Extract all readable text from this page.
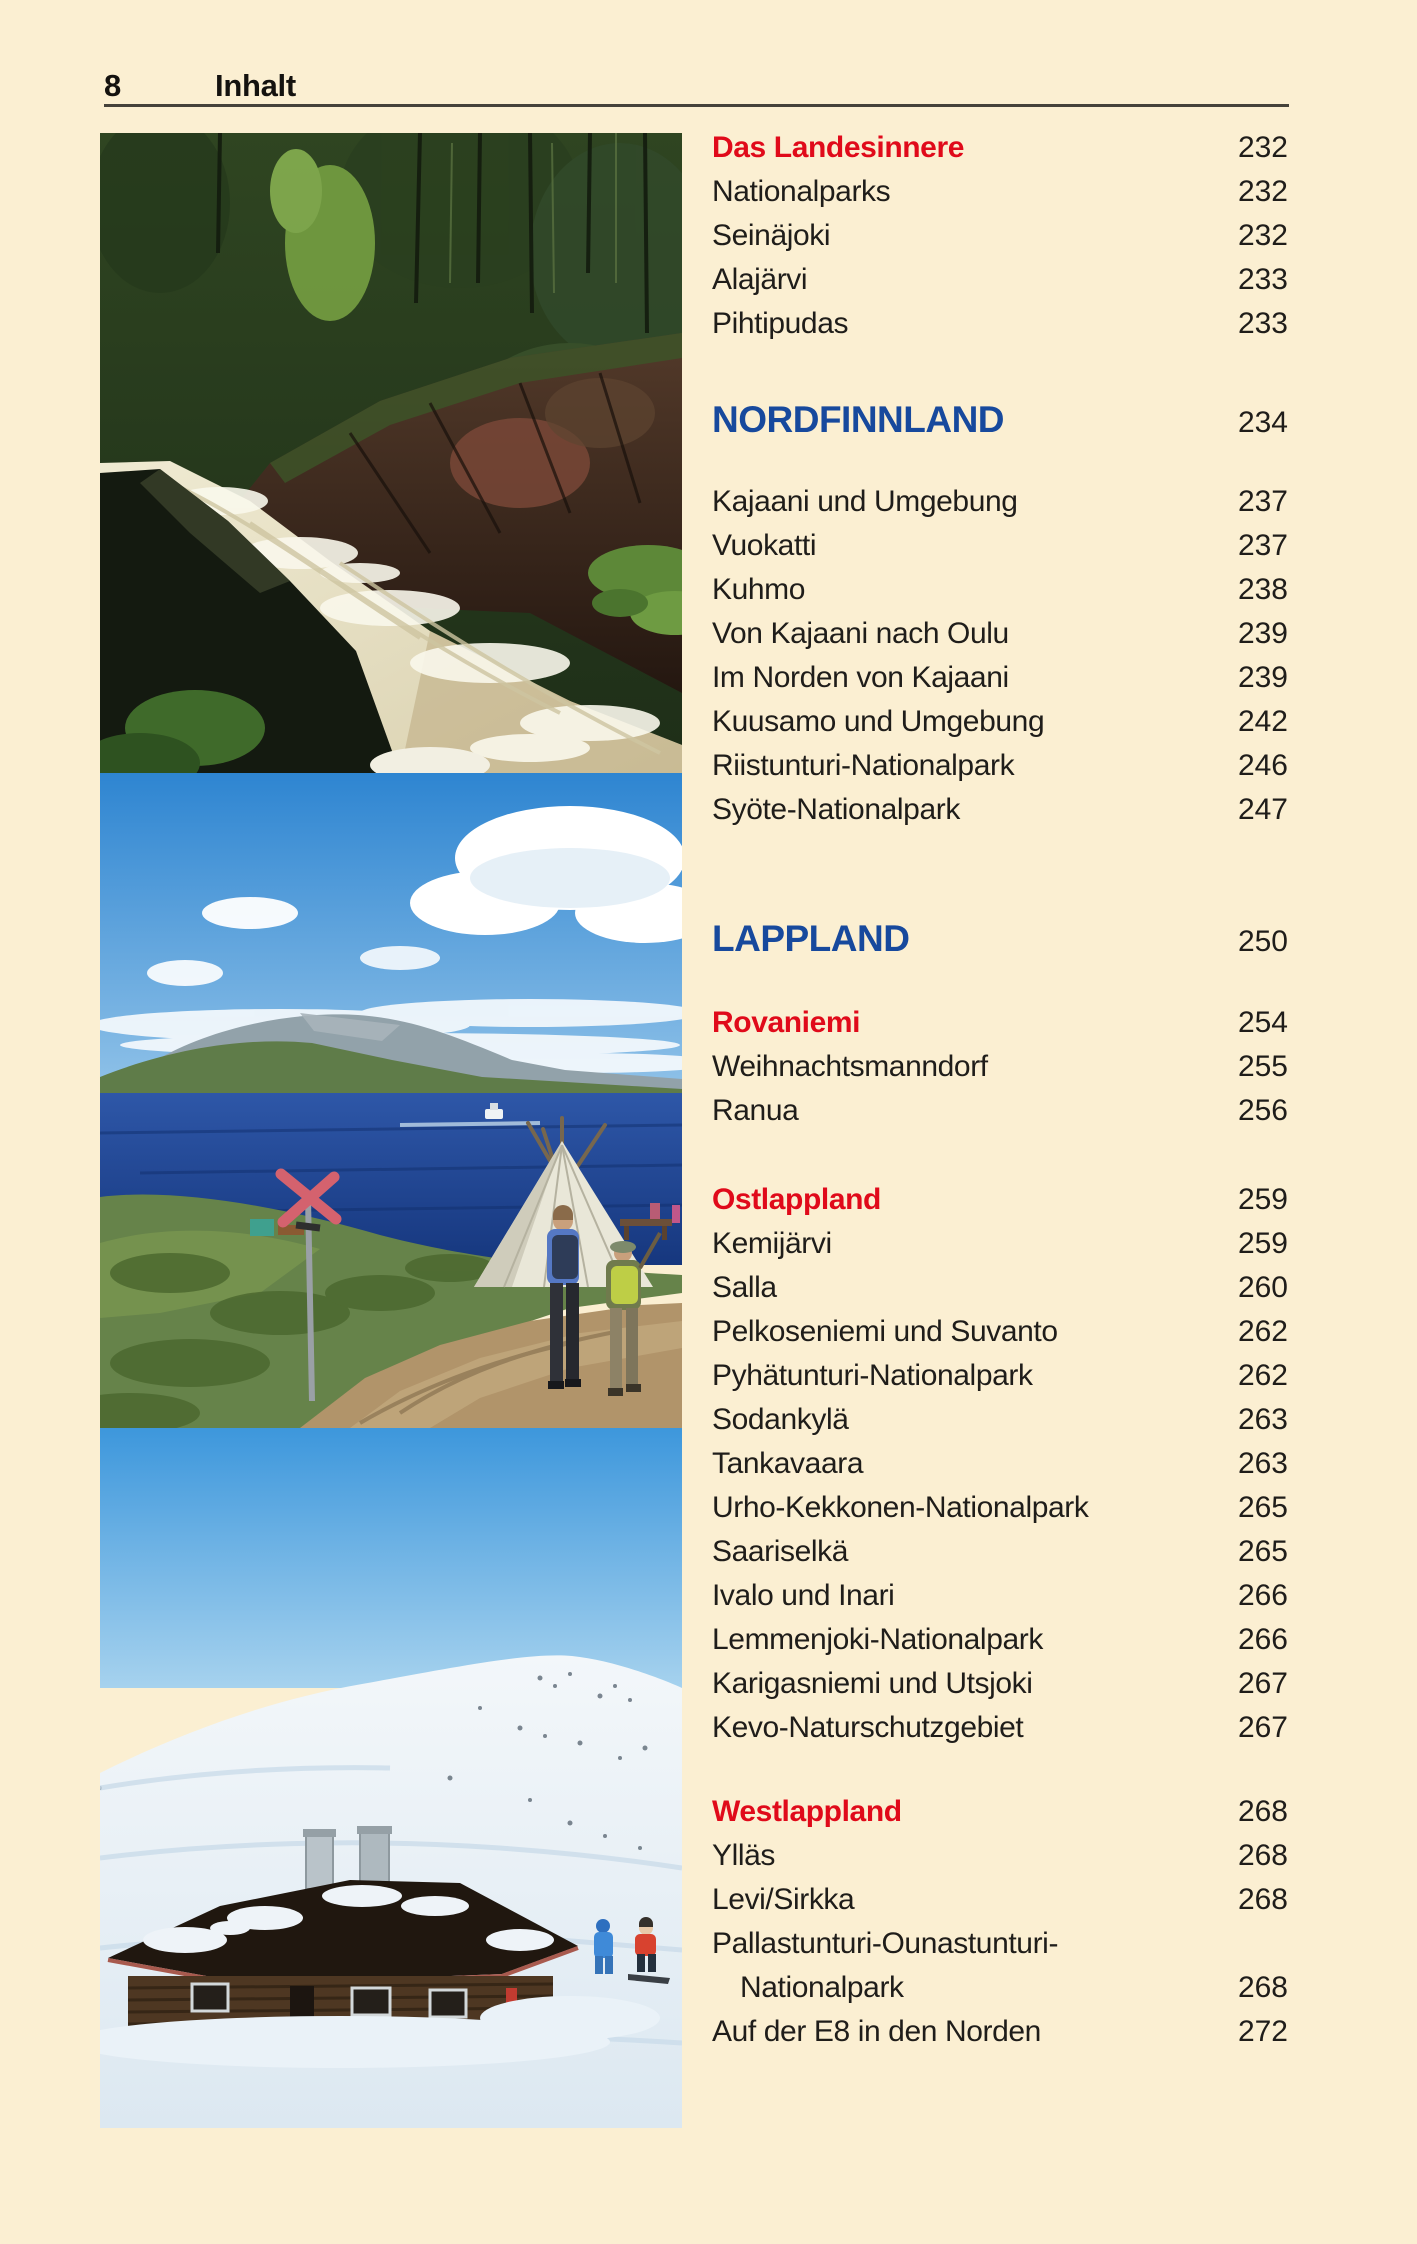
8	Inhalt
Das Landesinnere	232
Nationalparks	232
Seinäjoki	232
Alajärvi	233
Pihtipudas	233
NORDFINNLAND	234
Kajaani und Umgebung	237
Vuokatti	237
Kuhmo	238
Von Kajaani nach Oulu	239
Im Norden von Kajaani	239
Kuusamo und Umgebung	242
Riistunturi-Nationalpark	246
Syöte-Nationalpark	247
LAPPLAND	250
Rovaniemi	254
Weihnachtsmanndorf	255
Ranua	256
Ostlappland	259
Kemijärvi	259
Salla	260
Pelkoseniemi und Suvanto	262
Pyhätunturi-Nationalpark	262
Sodankylä	263
Tankavaara	263
Urho-Kekkonen-Nationalpark	265
Saariselkä	265
Ivalo und Inari	266
Lemmenjoki-Nationalpark	266
Karigasniemi und Utsjoki	267
Kevo-Naturschutzgebiet	267
Westlappland	268
Ylläs	268
Levi/Sirkka	268
Pallastunturi-Ounastunturi-
Nationalpark	268
Auf der E8 in den Norden	272
